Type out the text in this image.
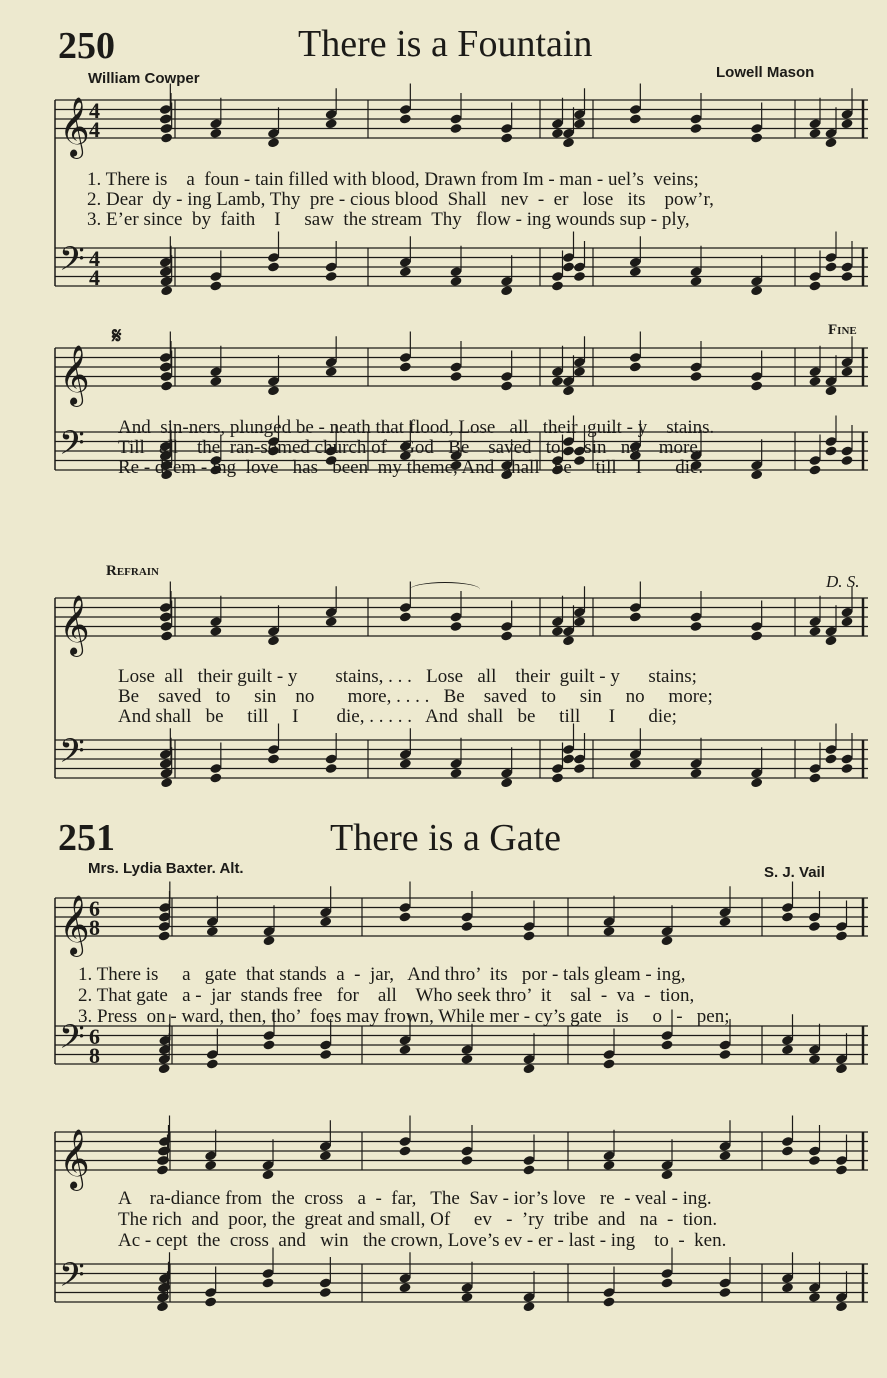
250	There is a Fountain
William Cowper	Lowell Mason
𝄞 4
4
𝄢 4
4
1. There is    a  foun - tain filled with blood, Drawn from Im - man - uel’s  veins;
2. Dear  dy - ing Lamb, Thy  pre - cious blood  Shall   nev  -  er   lose   its    pow’r,
3. E’er since  by  faith    I     saw  the stream  Thy   flow - ing wounds sup - ply,
𝄋	Fine
𝄞
𝄢 And  sin-ners, plunged be - neath that flood, Lose   all   their  guilt - y    stains.
Till   all    the  ran-somed church of   God   Be    saved   to     sin   no    more.
Re - deem - ing  love   has   been  my theme, And  shall   be     till    I       die.
Refrain
D. S.
𝄞
𝄢
Lose  all   their guilt - y        stains, . . .   Lose   all    their  guilt - y      stains;
Be    saved   to     sin    no       more, . . . .   Be    saved   to     sin     no     more;
And shall   be     till     I        die, . . . . .   And  shall   be     till      I       die;
251	There is a Gate
Mrs. Lydia Baxter. Alt.	S. J. Vail
𝄞 6
8
𝄢 6
8
1. There is     a   gate  that stands  a  -  jar,   And thro’  its   por - tals gleam - ing,
2. That gate   a -  jar  stands free   for    all    Who seek thro’  it    sal  -  va  -  tion,
3. Press  on - ward, then, tho’  foes may frown, While mer - cy’s gate   is     o   -   pen;
𝄞
𝄢
A    ra-diance from  the  cross   a  -  far,   The  Sav - ior’s love   re  - veal - ing.
The rich  and  poor, the  great and small, Of     ev   -  ’ry  tribe  and   na  -  tion.
Ac - cept  the  cross  and   win   the crown, Love’s ev - er - last - ing    to  -  ken.
